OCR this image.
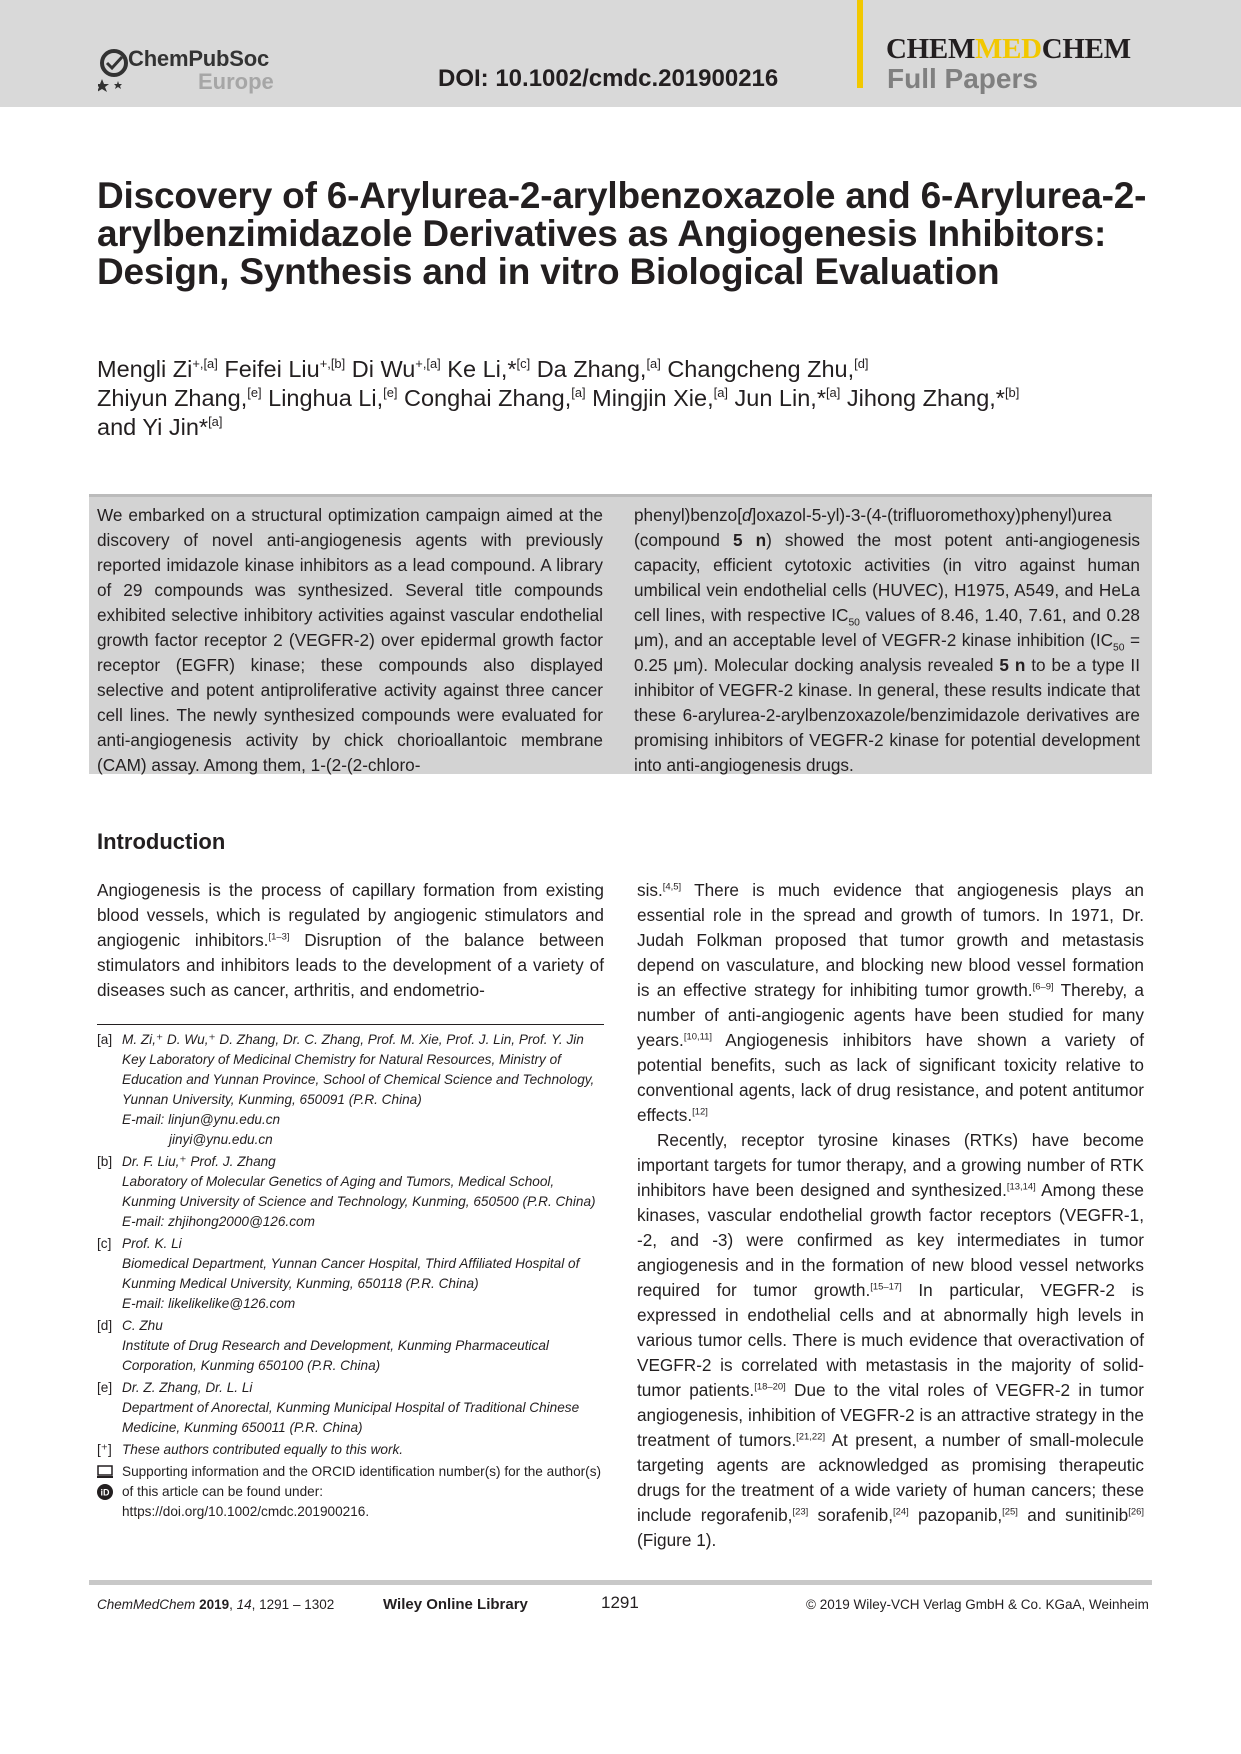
ChemPubSoc
Europe	DOI: 10.1002/cmdc.201900216
CHEMMEDCHEM
Full Papers
Discovery of 6-Arylurea-2-arylbenzoxazole and 6-Arylurea-2-arylbenzimidazole Derivatives as Angiogenesis Inhibitors: Design, Synthesis and in vitro Biological Evaluation
Mengli $Zi^{+,[a]}$ Feifei Liu$^{+,[b]}$ Di $Wu^{+,[a]}$ Ke Li,*[c] Da Zhang,[a] Changcheng Zhu,[d]
Zhiyun Zhang,[e] Linghua Li,[e] Conghai Zhang,[a] Mingjin Xie,[a] Jun Lin,*[a] Jihong Zhang,*[b]
and Yi Jin*[a]
We embarked on a structural optimization campaign aimed at the discovery of novel anti-angiogenesis agents with previously reported imidazole kinase inhibitors as a lead compound. A library of 29 compounds was synthesized. Several title compounds exhibited selective inhibitory activities against vascular endothelial growth factor receptor 2 (VEGFR-2) over epidermal growth factor receptor (EGFR) kinase; these compounds also displayed selective and potent antiproliferative activity against three cancer cell lines. The newly synthesized compounds were evaluated for anti-angiogenesis activity by chick chorioallantoic membrane (CAM) assay. Among them, 1-(2-(2-chloro-
phenyl)benzo[d]oxazol-5-yl)-3-(4-(trifluoromethoxy)phenyl)urea (compound 5 n) showed the most potent anti-angiogenesis capacity, efficient cytotoxic activities (in vitro against human umbilical vein endothelial cells (HUVEC), H1975, A549, and HeLa cell lines, with respective $IC_{50}$ values of 8.46, 1.40, 7.61, and 0.28 μm), and an acceptable level of VEGFR-2 kinase inhibition ($IC_{50} = 0.25$ μm). Molecular docking analysis revealed 5 n to be a type II inhibitor of VEGFR-2 kinase. In general, these results indicate that these 6-arylurea-2-arylbenzoxazole/benzimidazole derivatives are promising inhibitors of VEGFR-2 kinase for potential development into anti-angiogenesis drugs.
Introduction

Angiogenesis is the process of capillary formation from existing blood vessels, which is regulated by angiogenic stimulators and angiogenic inhibitors.[1–3] Disruption of the balance between stimulators and inhibitors leads to the development of a variety of diseases such as cancer, arthritis, and endometrio-

[a] M. Zi,⁺ D. Wu,⁺ D. Zhang, Dr. C. Zhang, Prof. M. Xie, Prof. J. Lin, Prof. Y. Jin
Key Laboratory of Medicinal Chemistry for Natural Resources, Ministry of Education and Yunnan Province, School of Chemical Science and Technology, Yunnan University, Kunming, 650091 (P.R. China)
E-mail: linjun@ynu.edu.cn
jinyi@ynu.edu.cn
[b] Dr. F. Liu,⁺ Prof. J. Zhang
Laboratory of Molecular Genetics of Aging and Tumors, Medical School, Kunming University of Science and Technology, Kunming, 650500 (P.R. China)
E-mail: zhjihong2000@126.com
[c] Prof. K. Li
Biomedical Department, Yunnan Cancer Hospital, Third Affiliated Hospital of Kunming Medical University, Kunming, 650118 (P.R. China)
E-mail: likelikelike@126.com
[d] C. Zhu
Institute of Drug Research and Development, Kunming Pharmaceutical Corporation, Kunming 650100 (P.R. China)
[e] Dr. Z. Zhang, Dr. L. Li
Department of Anorectal, Kunming Municipal Hospital of Traditional Chinese Medicine, Kunming 650011 (P.R. China)
[⁺] These authors contributed equally to this work.
iD
Supporting information and the ORCID identification number(s) for the author(s) of this article can be found under:
https://doi.org/10.1002/cmdc.201900216.

sis.[4,5] There is much evidence that angiogenesis plays an essential role in the spread and growth of tumors. In 1971, Dr. Judah Folkman proposed that tumor growth and metastasis depend on vasculature, and blocking new blood vessel formation is an effective strategy for inhibiting tumor growth.[6–9] Thereby, a number of anti-angiogenic agents have been studied for many years.[10,11] Angiogenesis inhibitors have shown a variety of potential benefits, such as lack of significant toxicity relative to conventional agents, lack of drug resistance, and potent antitumor effects.[12]

Recently, receptor tyrosine kinases (RTKs) have become important targets for tumor therapy, and a growing number of RTK inhibitors have been designed and synthesized.[13,14] Among these kinases, vascular endothelial growth factor receptors (VEGFR-1, -2, and -3) were confirmed as key intermediates in tumor angiogenesis and in the formation of new blood vessel networks required for tumor growth.[15–17] In particular, VEGFR-2 is expressed in endothelial cells and at abnormally high levels in various tumor cells. There is much evidence that overactivation of VEGFR-2 is correlated with metastasis in the majority of solid-tumor patients.[18–20] Due to the vital roles of VEGFR-2 in tumor angiogenesis, inhibition of VEGFR-2 is an attractive strategy in the treatment of tumors.[21,22] At present, a number of small-molecule targeting agents are acknowledged as promising therapeutic drugs for the treatment of a wide variety of human cancers; these include regorafenib,[23] sorafenib,[24] pazopanib,[25] and sunitinib[26] (Figure 1).

ChemMedChem 2019, 14, 1291 – 1302	Wiley Online Library	1291	© 2019 Wiley-VCH Verlag GmbH & Co. KGaA, Weinheim
